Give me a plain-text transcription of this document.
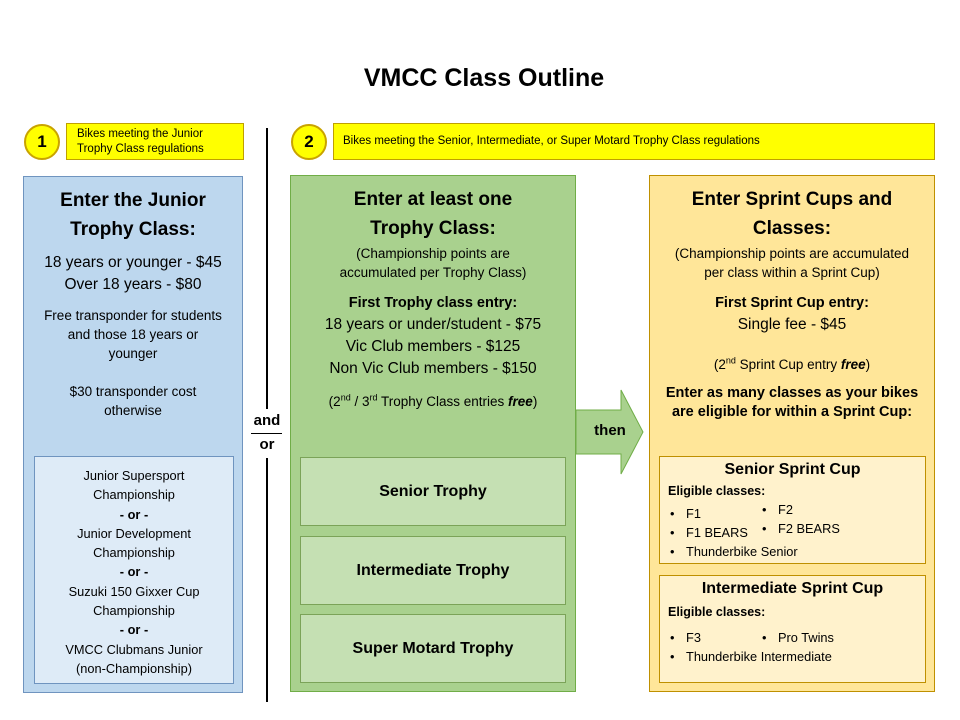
VMCC Class Outline
1	Bikes meeting the Junior
Trophy Class regulations	2	Bikes meeting the Senior, Intermediate, or Super Motard Trophy Class regulations
and
or
Enter the Junior
Trophy Class:
18 years or younger - $45
Over 18 years - $80
Free transponder for students
and those 18 years or
younger
$30 transponder cost
otherwise
Junior Supersport
Championship
- or -
Junior Development
Championship
- or -
Suzuki 150 Gixxer Cup
Championship
- or -
VMCC Clubmans Junior
(non-Championship)
Enter at least one
Trophy Class:
(Championship points are
accumulated per Trophy Class)
First Trophy class entry:
18 years or under/student - $75
Vic Club members - $125
Non Vic Club members - $150
(2nd / 3rd Trophy Class entries free)
Senior Trophy
Intermediate Trophy
Super Motard Trophy
then
Enter Sprint Cups and
Classes:
(Championship points are accumulated
per class within a Sprint Cup)
First Sprint Cup entry:
Single fee - $45
(2nd Sprint Cup entry free)
Enter as many classes as your bikes
are eligible for within a Sprint Cup:
Senior Sprint Cup
Eligible classes:
• F1
• F1 BEARS
• F2
• F2 BEARS
• Thunderbike Senior
Intermediate Sprint Cup
Eligible classes:
• F3
•	Pro Twins
• Thunderbike Intermediate
